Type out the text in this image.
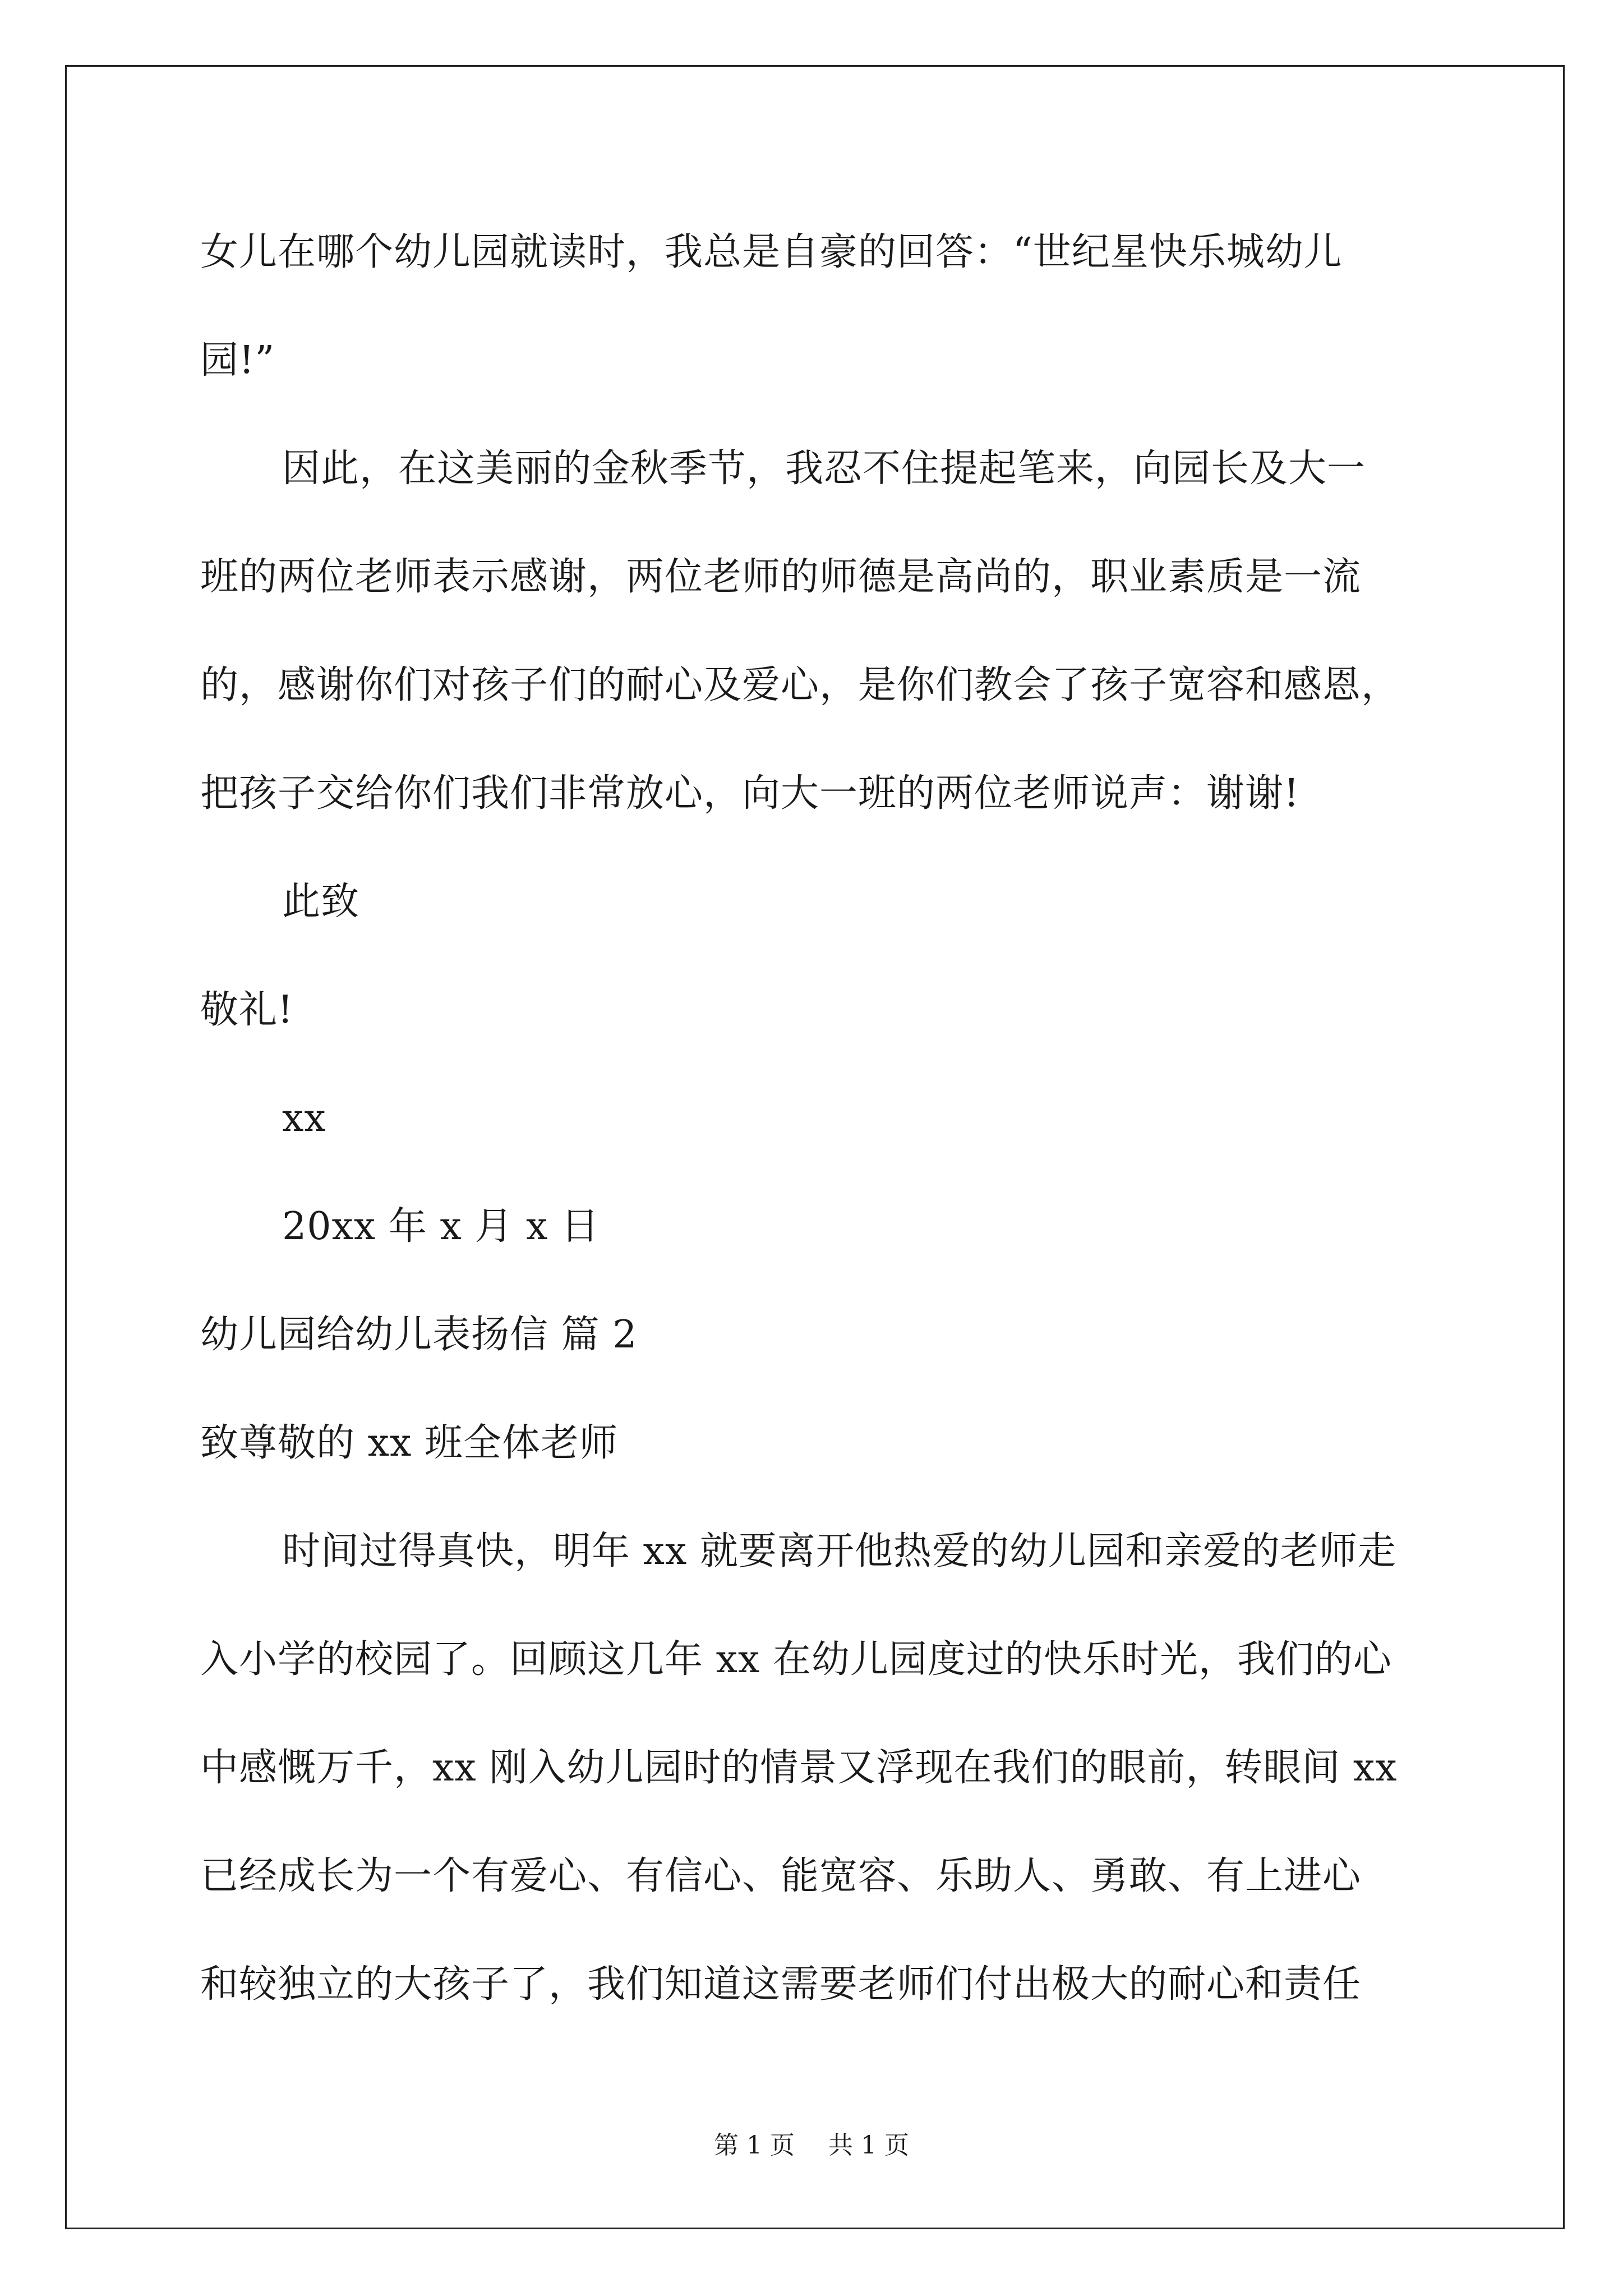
女儿在哪个幼儿园就读时，我总是自豪的回答：“世纪星快乐城幼儿
园!”
因此，在这美丽的金秋季节，我忍不住提起笔来，向园长及大一
班的两位老师表示感谢，两位老师的师德是高尚的，职业素质是一流
的，感谢你们对孩子们的耐心及爱心，是你们教会了孩子宽容和感恩，
把孩子交给你们我们非常放心，向大一班的两位老师说声：谢谢!
此致
敬礼!
xx
20xx 年 x 月 x 日
幼儿园给幼儿表扬信 篇 2
致尊敬的 xx 班全体老师
时间过得真快，明年 xx 就要离开他热爱的幼儿园和亲爱的老师走
入小学的校园了。回顾这几年 xx 在幼儿园度过的快乐时光，我们的心
中感慨万千，xx 刚入幼儿园时的情景又浮现在我们的眼前，转眼间 xx
已经成长为一个有爱心、有信心、能宽容、乐助人、勇敢、有上进心
和较独立的大孩子了，我们知道这需要老师们付出极大的耐心和责任
第 1 页 共 1 页
